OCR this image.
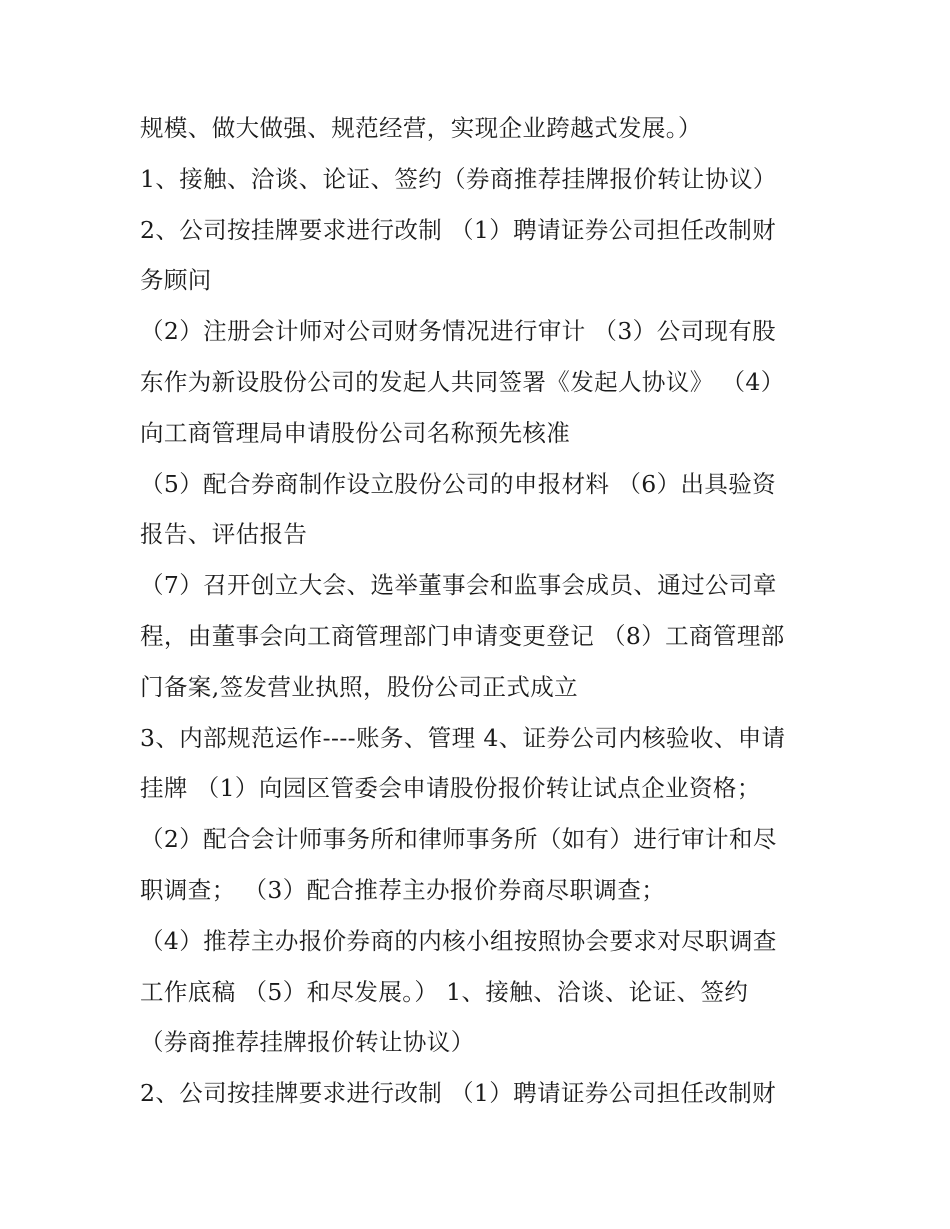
规模、做大做强、规范经营，实现企业跨越式发展。）
1、接触、洽谈、论证、签约（券商推荐挂牌报价转让协议）
2、公司按挂牌要求进行改制 （1）聘请证券公司担任改制财
务顾问
（2）注册会计师对公司财务情况进行审计 （3）公司现有股
东作为新设股份公司的发起人共同签署《发起人协议》 （4）
向工商管理局申请股份公司名称预先核准
（5）配合券商制作设立股份公司的申报材料 （6）出具验资
报告、评估报告
（7）召开创立大会、选举董事会和监事会成员、通过公司章
程，由董事会向工商管理部门申请变更登记 （8）工商管理部
门备案,签发营业执照，股份公司正式成立
3、内部规范运作----账务、管理 4、证券公司内核验收、申请
挂牌 （1）向园区管委会申请股份报价转让试点企业资格；
（2）配合会计师事务所和律师事务所（如有）进行审计和尽
职调查； （3）配合推荐主办报价券商尽职调查；
（4）推荐主办报价券商的内核小组按照协会要求对尽职调查
工作底稿 （5）和尽发展。） 1、接触、洽谈、论证、签约
（券商推荐挂牌报价转让协议）
2、公司按挂牌要求进行改制 （1）聘请证券公司担任改制财
